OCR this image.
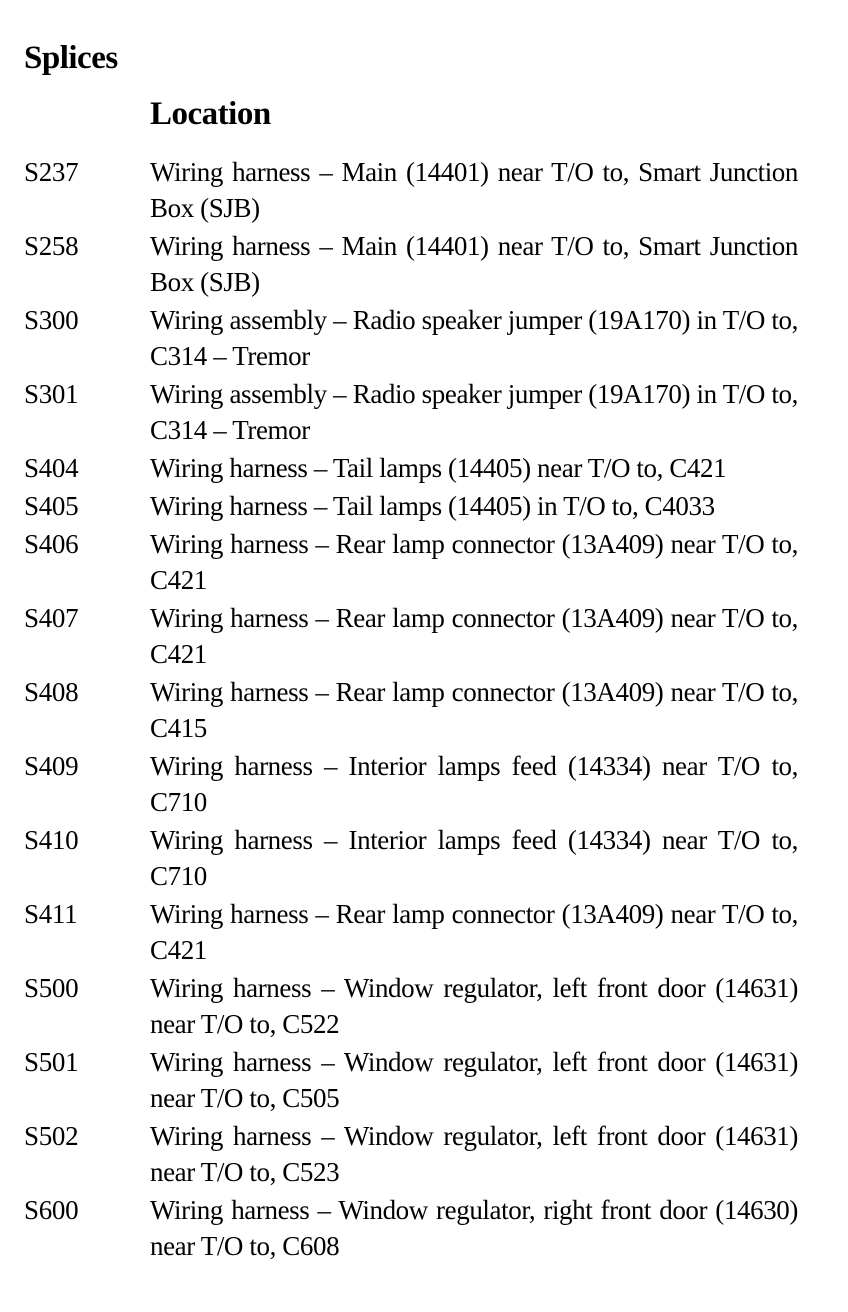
Splices
Location
S237	Wiring harness – Main (14401) near T/O to, Smart Junction Box (SJB)
S258	Wiring harness – Main (14401) near T/O to, Smart Junction Box (SJB)
S300	Wiring assembly – Radio speaker jumper (19A170) in T/O to, C314 – Tremor
S301	Wiring assembly – Radio speaker jumper (19A170) in T/O to, C314 – Tremor
S404	Wiring harness – Tail lamps (14405) near T/O to, C421
S405	Wiring harness – Tail lamps (14405) in T/O to, C4033
S406	Wiring harness – Rear lamp connector (13A409) near T/O to, C421
S407	Wiring harness – Rear lamp connector (13A409) near T/O to, C421
S408	Wiring harness – Rear lamp connector (13A409) near T/O to, C415
S409	Wiring harness – Interior lamps feed (14334) near T/O to, C710
S410	Wiring harness – Interior lamps feed (14334) near T/O to, C710
S411	Wiring harness – Rear lamp connector (13A409) near T/O to, C421
S500	Wiring harness – Window regulator, left front door (14631) near T/O to, C522
S501	Wiring harness – Window regulator, left front door (14631) near T/O to, C505
S502	Wiring harness – Window regulator, left front door (14631) near T/O to, C523
S600	Wiring harness – Window regulator, right front door (14630) near T/O to, C608
